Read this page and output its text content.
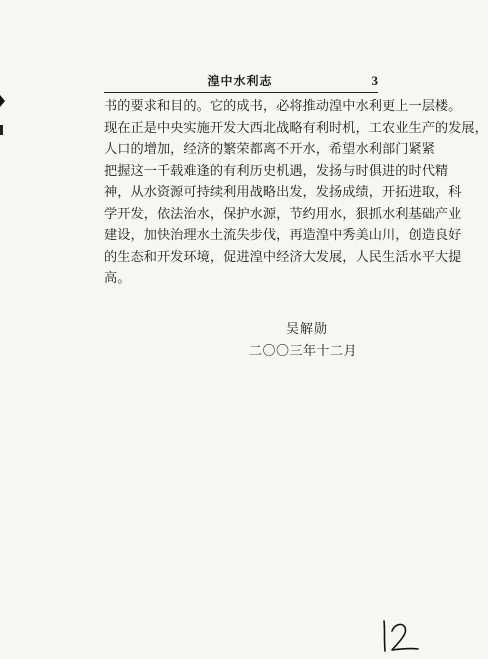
湟中水利志	3
书的要求和目的。它的成书，必将推动湟中水利更上一层楼。
现在正是中央实施开发大西北战略有利时机，工农业生产的发展，
人口的增加，经济的繁荣都离不开水，希望水利部门紧紧
把握这一千载难逢的有利历史机遇，发扬与时俱进的时代精
神，从水资源可持续利用战略出发，发扬成绩，开拓进取，科
学开发，依法治水，保护水源，节约用水，狠抓水利基础产业
建设，加快治理水土流失步伐，再造湟中秀美山川，创造良好
的生态和开发环境，促进湟中经济大发展，人民生活水平大提
高。
吴解勋
二〇〇三年十二月
